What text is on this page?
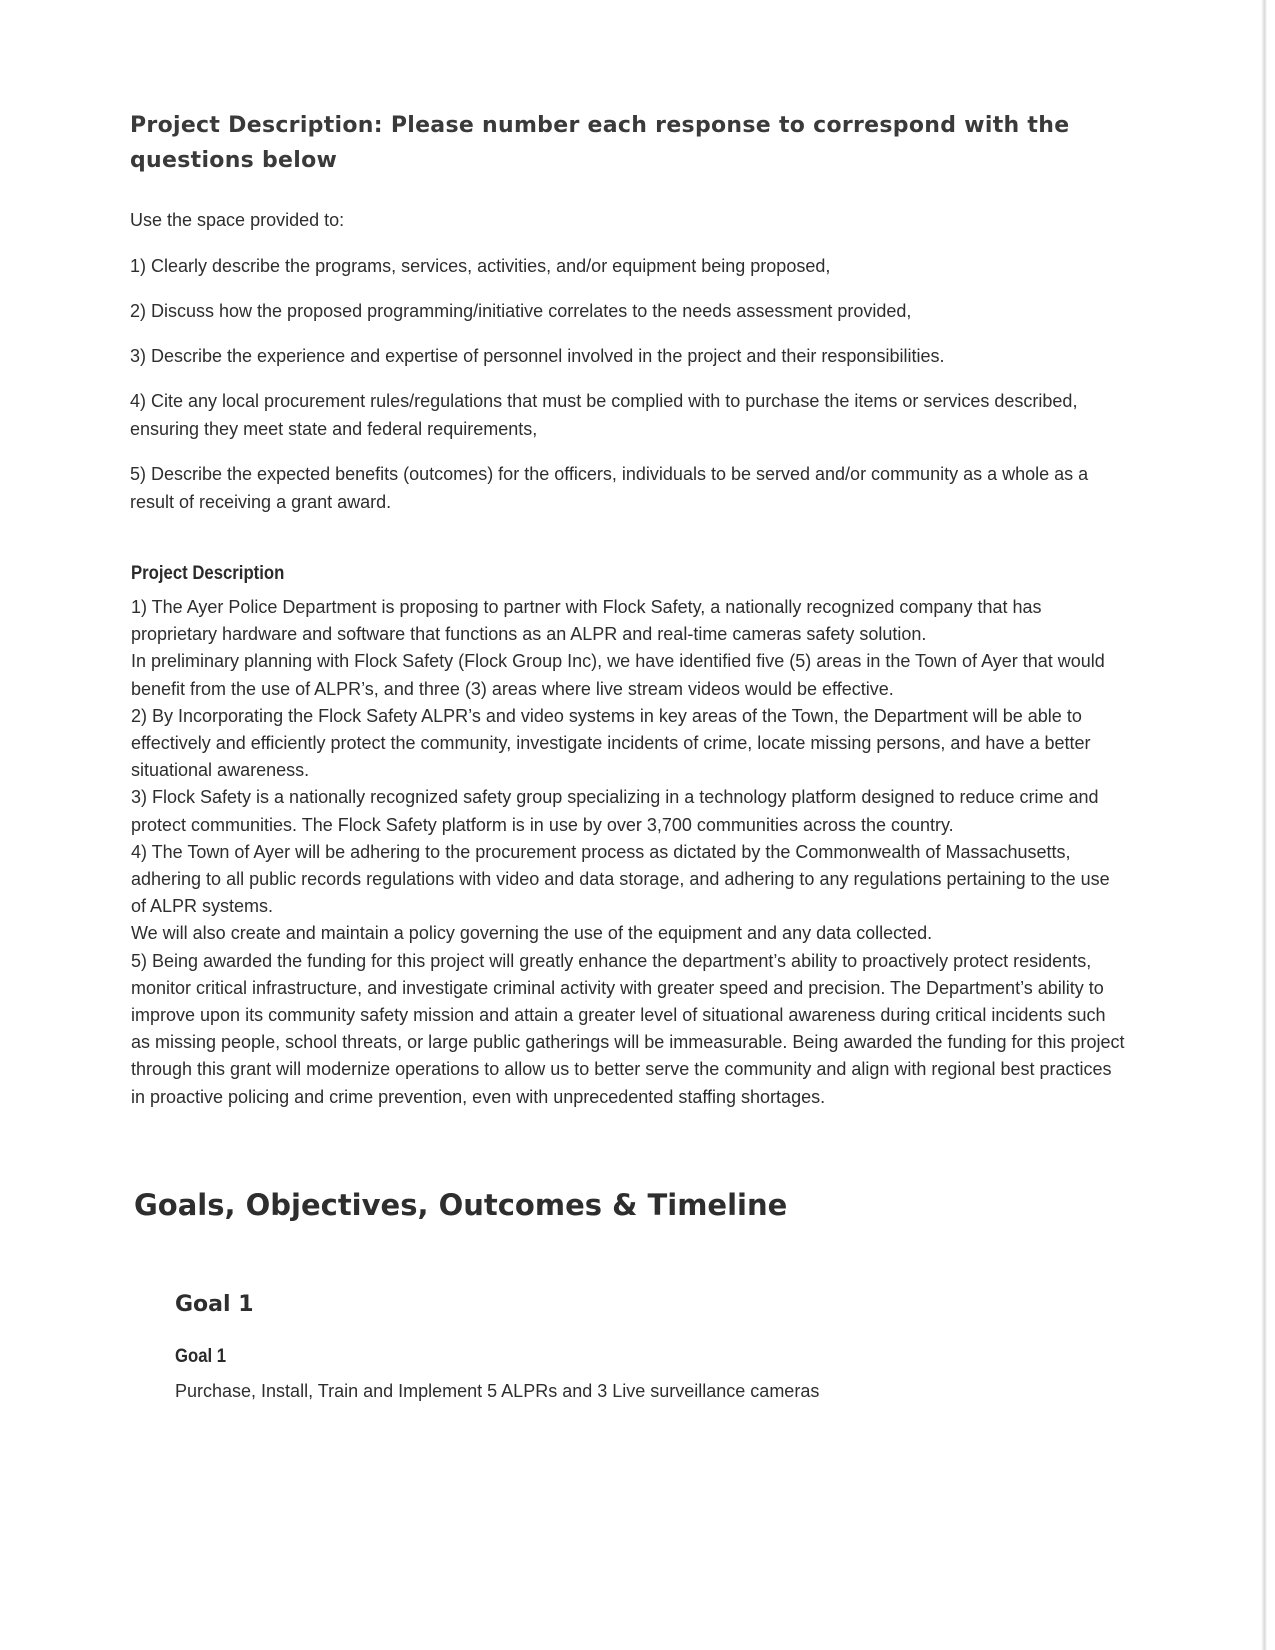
Project Description: Please number each response to correspond with the questions below
Use the space provided to:

1) Clearly describe the programs, services, activities, and/or equipment being proposed,

2) Discuss how the proposed programming/initiative correlates to the needs assessment provided,

3) Describe the experience and expertise of personnel involved in the project and their responsibilities.

4) Cite any local procurement rules/regulations that must be complied with to purchase the items or services described, ensuring they meet state and federal requirements,

5) Describe the expected benefits (outcomes) for the officers, individuals to be served and/or community as a whole as a result of receiving a grant award.

Project Description

1) The Ayer Police Department is proposing to partner with Flock Safety, a nationally recognized company that has proprietary hardware and software that functions as an ALPR and real-time cameras safety solution.

In preliminary planning with Flock Safety (Flock Group Inc), we have identified five (5) areas in the Town of Ayer that would benefit from the use of ALPR’s, and three (3) areas where live stream videos would be effective.

2) By Incorporating the Flock Safety ALPR’s and video systems in key areas of the Town, the Department will be able to effectively and efficiently protect the community, investigate incidents of crime, locate missing persons, and have a better situational awareness.

3) Flock Safety is a nationally recognized safety group specializing in a technology platform designed to reduce crime and protect communities. The Flock Safety platform is in use by over 3,700 communities across the country.

4) The Town of Ayer will be adhering to the procurement process as dictated by the Commonwealth of Massachusetts, adhering to all public records regulations with video and data storage, and adhering to any regulations pertaining to the use of ALPR systems.

We will also create and maintain a policy governing the use of the equipment and any data collected.

5) Being awarded the funding for this project will greatly enhance the department’s ability to proactively protect residents, monitor critical infrastructure, and investigate criminal activity with greater speed and precision. The Department’s ability to improve upon its community safety mission and attain a greater level of situational awareness during critical incidents such as missing people, school threats, or large public gatherings will be immeasurable. Being awarded the funding for this project through this grant will modernize operations to allow us to better serve the community and align with regional best practices in proactive policing and crime prevention, even with unprecedented staffing shortages.

Goals, Objectives, Outcomes & Timeline
Goal 1
Goal 1
Purchase, Install, Train and Implement 5 ALPRs and 3 Live surveillance cameras
